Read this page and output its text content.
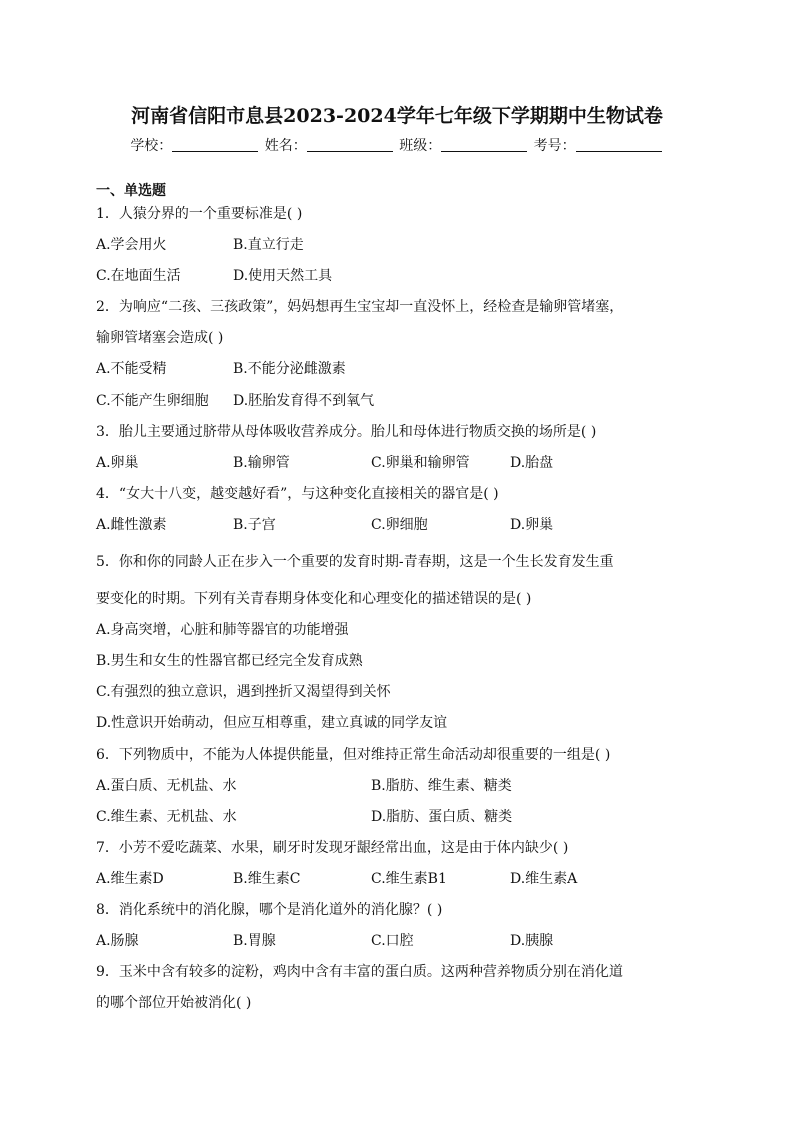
河南省信阳市息县2023-2024学年七年级下学期期中生物试卷
学校：	姓名：	班级：	考号：
一、单选题
1．人猿分界的一个重要标准是( )
A.学会用火	B.直立行走
C.在地面生活	D.使用天然工具
2．为响应“二孩、三孩政策”，妈妈想再生宝宝却一直没怀上，经检查是输卵管堵塞，
输卵管堵塞会造成( )
A.不能受精	B.不能分泌雌激素
C.不能产生卵细胞 D.胚胎发育得不到氧气
3．胎儿主要通过脐带从母体吸收营养成分。胎儿和母体进行物质交换的场所是( )
A.卵巢	B.输卵管	C.卵巢和输卵管	D.胎盘
4．“女大十八变，越变越好看”，与这种变化直接相关的器官是( )
A.雌性激素	B.子宫	C.卵细胞	D.卵巢
5．你和你的同龄人正在步入一个重要的发育时期-青春期，这是一个生长发育发生重
要变化的时期。下列有关青春期身体变化和心理变化的描述错误的是( )
A.身高突增，心脏和肺等器官的功能增强
B.男生和女生的性器官都已经完全发育成熟
C.有强烈的独立意识，遇到挫折又渴望得到关怀
D.性意识开始萌动，但应互相尊重，建立真诚的同学友谊
6．下列物质中，不能为人体提供能量，但对维持正常生命活动却很重要的一组是( )
A.蛋白质、无机盐、水	B.脂肪、维生素、糖类
C.维生素、无机盐、水	D.脂肪、蛋白质、糖类
7．小芳不爱吃蔬菜、水果，刷牙时发现牙龈经常出血，这是由于体内缺少( )
A.维生素D	B.维生素C	C.维生素B1	D.维生素A
8．消化系统中的消化腺，哪个是消化道外的消化腺？( )
A.肠腺	B.胃腺	C.口腔	D.胰腺
9．玉米中含有较多的淀粉，鸡肉中含有丰富的蛋白质。这两种营养物质分别在消化道
的哪个部位开始被消化( )
